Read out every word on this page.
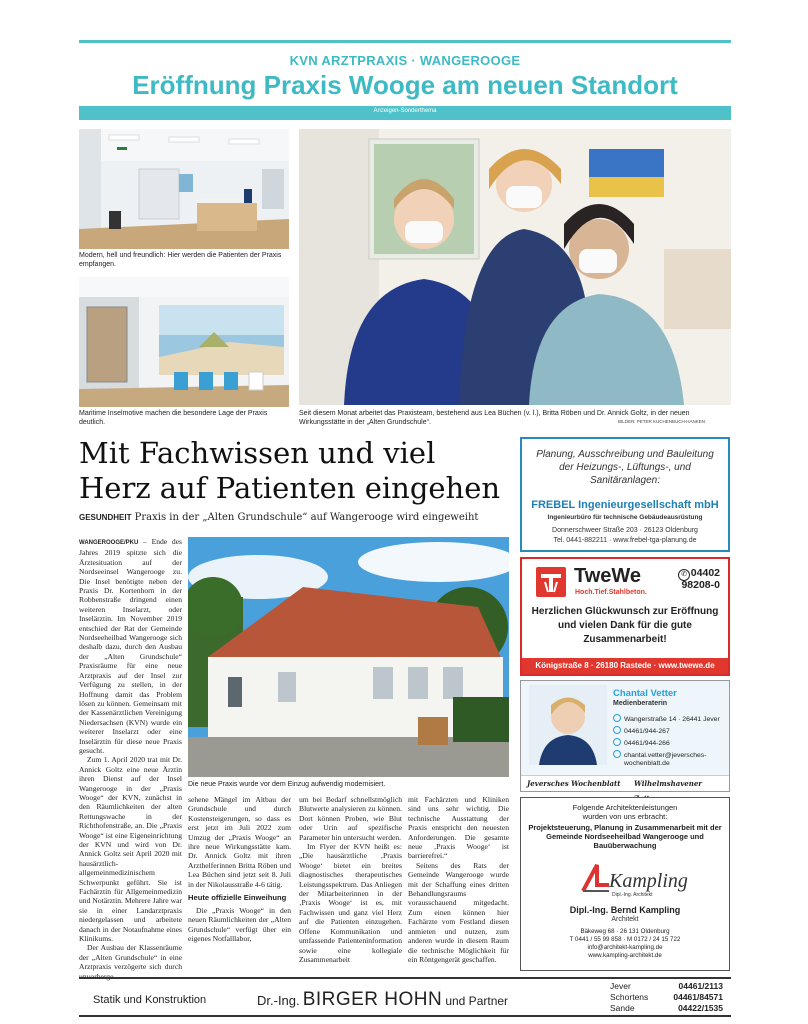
KVN ARZTPRAXIS · WANGEROOGE
Eröffnung Praxis Wooge am neuen Standort
Anzeigen-Sonderthema
Modern, hell und freundlich: Hier werden die Patienten der Praxis empfangen.
Maritime Inselmotive machen die besondere Lage der Praxis deutlich.	BILDER: PETER KUCHENBUCH-HANKEN
Seit diesem Monat arbeitet das Praxisteam, bestehend aus Lea Büchen (v. l.), Britta Röben und Dr. Annick Goltz, in der neuen Wirkungsstätte in der „Alten Grundschule“.
Mit Fachwissen und viel
Herz auf Patienten eingehen
GESUNDHEIT Praxis in der „Alten Grundschule“ auf Wangerooge wird eingeweiht
Die neue Praxis wurde vor dem Einzug aufwendig modernisiert.

WANGEROOGE/PKU – Ende des Jahres 2019 spitzte sich die Ärztesituation auf der Nordseeinsel Wangerooge zu. Die Insel benötigte neben der Praxis Dr. Kortenhorn in der Robbenstraße dringend einen weiteren Inselarzt, oder Inselärztin. Im November 2019 entschied der Rat der Gemeinde Nordseeheilbad Wangerooge sich deshalb dazu, durch den Ausbau der „Alten Grundschule“ Praxisräume für eine neue Arztpraxis auf der Insel zur Verfügung zu stellen, in der Hoffnung damit das Problem lösen zu können. Gemeinsam mit der Kassenärztlichen Vereinigung Niedersachsen (KVN) wurde ein weiterer Inselarzt oder eine Inselärztin für diese neue Praxis gesucht.

Zum 1. April 2020 trat mit Dr. Annick Goltz eine neue Ärztin ihren Dienst auf der Insel Wangerooge in der „Praxis Wooge“ der KVN, zunächst in den Räumlichkeiten der alten Rettungswache in der Richthofenstraße, an. Die „Praxis Wooge“ ist eine Eigeneinrichtung der KVN und wird von Dr. Annick Goltz seit April 2020 mit hausärztlich-allgemeinmedizinischem Schwerpunkt geführt. Sie ist Fachärztin für Allgemeinmedizin und Notärztin. Mehrere Jahre war sie in einer Landarztpraxis niedergelassen und arbeitete danach in der Notaufnahme eines Klinikums.

Der Ausbau der Klassenräume der „Alten Grundschule“ in eine Arztpraxis verzögerte sich durch unvorherge-

sehene Mängel im Altbau der Grundschule und durch Kostensteigerungen, so dass es erst jetzt im Juli 2022 zum Umzug der „Praxis Wooge“ an ihre neue Wirkungsstätte kam. Dr. Annick Goltz mit ihren Arzthelferinnen Britta Röben und Lea Büchen sind jetzt seit 8. Juli in der Nikolausstraße 4-6 tätig.

Heute offizielle Einweihung

Die „Praxis Wooge“ in den neuen Räumlichkeiten der „Alten Grundschule“ verfügt über ein eigenes Notfalllabor,

um bei Bedarf schnellstmöglich Blutwerte analysieren zu können. Dort können Proben, wie Blut oder Urin auf spezifische Parameter hin untersucht werden.

Im Flyer der KVN heißt es: „Die hausärztliche ‚Praxis Wooge‘ bietet ein breites diagnostisches therapeutisches Leistungsspektrum. Das Anliegen der Mitarbeiterinnen in der ‚Praxis Wooge‘ ist es, mit Fachwissen und ganz viel Herz auf die Patienten einzugehen. Offene Kommunikation und umfassende Patienteninformation sowie eine kollegiale Zusammenarbeit

mit Fachärzten und Kliniken sind uns sehr wichtig. Die technische Ausstattung der Praxis entspricht den neuesten Anforderungen. Die gesamte neue ‚Praxis Wooge‘ ist barrierefrei.“

Seitens des Rats der Gemeinde Wangerooge wurde mit der Schaffung eines dritten Behandlungsraums vorausschauend mitgedacht. Zum einen können hier Fachärzte vom Festland diesen anmieten und nutzen, zum anderen wurde in diesem Raum die technische Möglichkeit für ein Röntgengerät geschaffen.

Planung, Ausschreibung und Bauleitung der Heizungs-, Lüftungs-, und Sanitäranlagen:
FREBEL Ingenieurgesellschaft mbH
Ingenieurbüro für technische Gebäudeausrüstung
Donnerschweer Straße 203 · 26123 Oldenburg
Tel. 0441-882211 · www.frebel-tga-planung.de
TweWe
Hoch.Tief.Stahlbeton.
✆ 04402
98208-0
Herzlichen Glückwunsch zur Eröffnung und vielen Dank für die gute Zusammenarbeit!
Königstraße 8 · 26180 Rastede · www.twewe.de
Chantal Vetter
Medienberaterin
Wangerstraße 14 · 26441 Jever
04461/944-267
04461/944-266
chantal.vetter@jeversches-
wochenblatt.de
Jeversches Wochenblatt Wilhelmshavener
Folgende Architektenleistungen wurden von uns erbracht:
Projektsteuerung, Planung in Zusammenarbeit mit der Gemeinde Nordseeheilbad Wangerooge und Bauüberwachung
Kampling
Dipl.-Ing. Architekt
Dipl.-Ing. Bernd Kampling
Architekt
Bäkeweg 68 · 26 131 Oldenburg
T 0441 / 55 99 858 · M 0172 / 24 15 722
info@architekt-kampling.de
www.kampling-architekt.de
Statik und Konstruktion	Dr.-Ing. BIRGER HOHN und Partner
Jever
Schortens
Sande
04461/2113
04461/84571
04422/1535
